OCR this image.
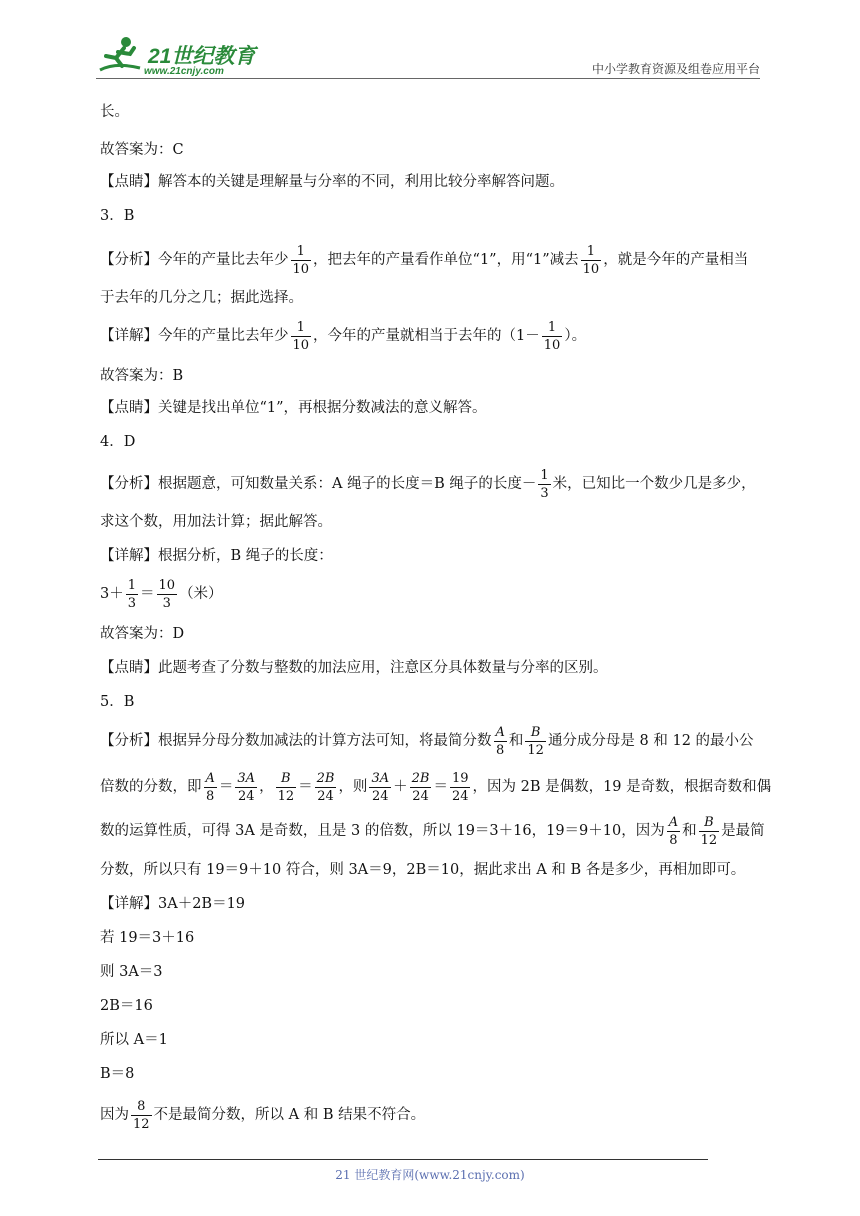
21世纪教育
www.21cnjy.com	中小学教育资源及组卷应用平台
长。
故答案为：C
【点睛】解答本的关键是理解量与分率的不同，利用比较分率解答问题。
3．B
【分析】今年的产量比去年少 $\frac{1}{10}$ ，把去年的产量看作单位“1”，用“1”减去 $\frac{1}{10}$ ，就是今年的产量相当
于去年的几分之几；据此选择。
【详解】今年的产量比去年少 $\frac{1}{10}$ ，今年的产量就相当于去年的（$1- \frac{1}{10}$ ）。
故答案为：B
【点睛】关键是找出单位“1”，再根据分数减法的意义解答。
4．D
【分析】根据题意，可知数量关系：A 绳子的长度＝B 绳子的长度－ $\frac{1}{3}$ 米，已知比一个数少几是多少，
求这个数，用加法计算；据此解答。
【详解】根据分析，B 绳子的长度：
$3+ \frac{1}{3} = \frac{10}{3}$ （米）
故答案为：D
【点睛】此题考查了分数与整数的加法应用，注意区分具体数量与分率的区别。
5．B
【分析】根据异分母分数加减法的计算方法可知，将最简分数 $\frac{A}{8}$ 和 $\frac{B}{12}$ 通分成分母是 8 和 12 的最小公
倍数的分数，即 $\frac{A}{8} = \frac{3A}{24}$ ， $\frac{B}{12} = \frac{2B}{24}$ ，则 $\frac{3A}{24} + \frac{2B}{24} = \frac{19}{24}$ ，因为 2B 是偶数，19 是奇数，根据奇数和偶
数的运算性质，可得 3A 是奇数，且是 3 的倍数，所以 19＝3＋16，19＝9＋10，因为 $\frac{A}{8}$ 和 $\frac{B}{12}$ 是最简
分数，所以只有 19＝9＋10 符合，则 3A＝9，2B＝10，据此求出 A 和 B 各是多少，再相加即可。
【详解】3A＋2B＝19
若 19＝3＋16
则 3A＝3
2B＝16
所以 A＝1
B＝8
因为 $\frac{8}{12}$ 不是最简分数，所以 A 和 B 结果不符合。
21 世纪教育网(www.21cnjy.com)
